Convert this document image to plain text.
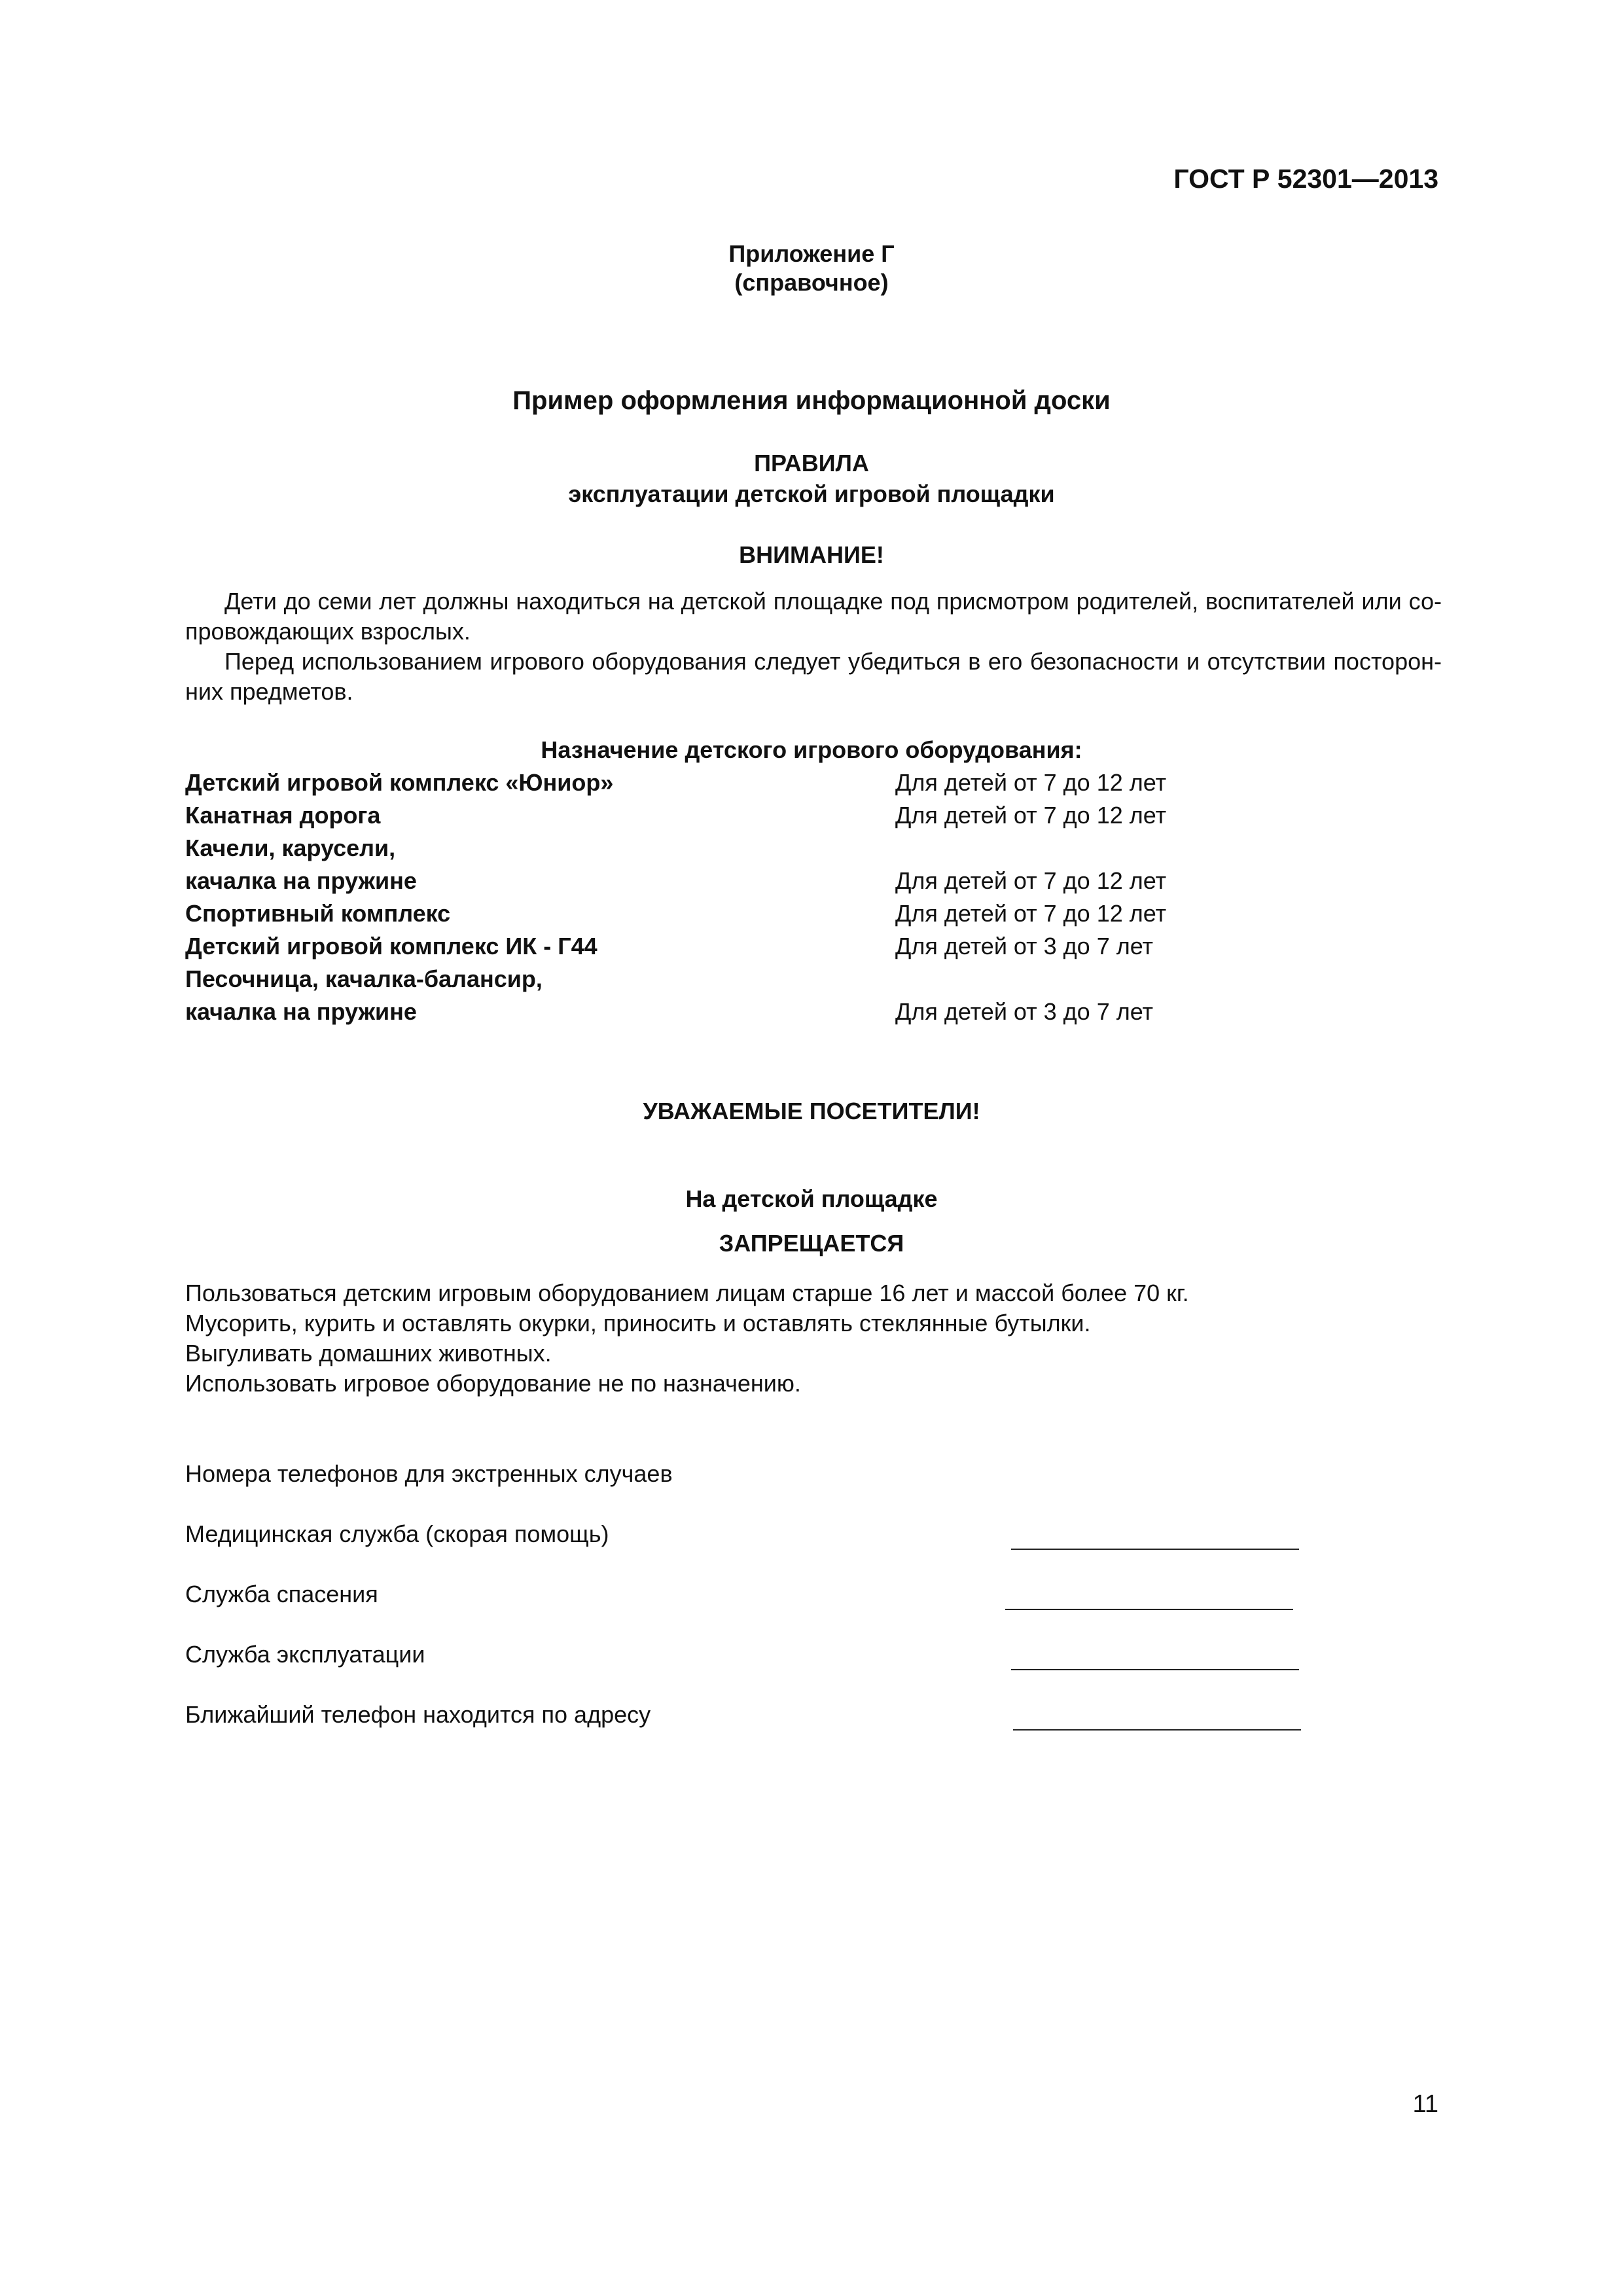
ГОСТ Р 52301—2013
Приложение Г
(справочное)
Пример оформления информационной доски
ПРАВИЛА
эксплуатации детской игровой площадки
ВНИМАНИЕ!
Дети до семи лет должны находиться на детской площадке под присмотром родителей, воспитателей или сопровождающих взрослых.
Перед использованием игрового оборудования следует убедиться в его безопасности и отсутствии посторонних предметов.
Назначение детского игрового оборудования:
Детский игровой комплекс «Юниор»	Для детей от 7 до 12 лет
Канатная дорога	Для детей от 7 до 12 лет
Качели, карусели,
качалка на пружине	Для детей от 7 до 12 лет
Спортивный комплекс	Для детей от 7 до 12 лет
Детский игровой комплекс ИК - Г44	Для детей от 3 до 7 лет
Песочница, качалка-балансир,
качалка на пружине	Для детей от 3 до 7 лет
УВАЖАЕМЫЕ ПОСЕТИТЕЛИ!
На детской площадке
ЗАПРЕЩАЕТСЯ
Пользоваться детским игровым оборудованием лицам старше 16 лет и массой более 70 кг.
Мусорить, курить и оставлять окурки, приносить и оставлять стеклянные бутылки.
Выгуливать домашних животных.
Использовать игровое оборудование не по назначению.
Номера телефонов для экстренных случаев
Медицинская служба (скорая помощь)
Служба спасения
Служба эксплуатации
Ближайший телефон находится по адресу
11
